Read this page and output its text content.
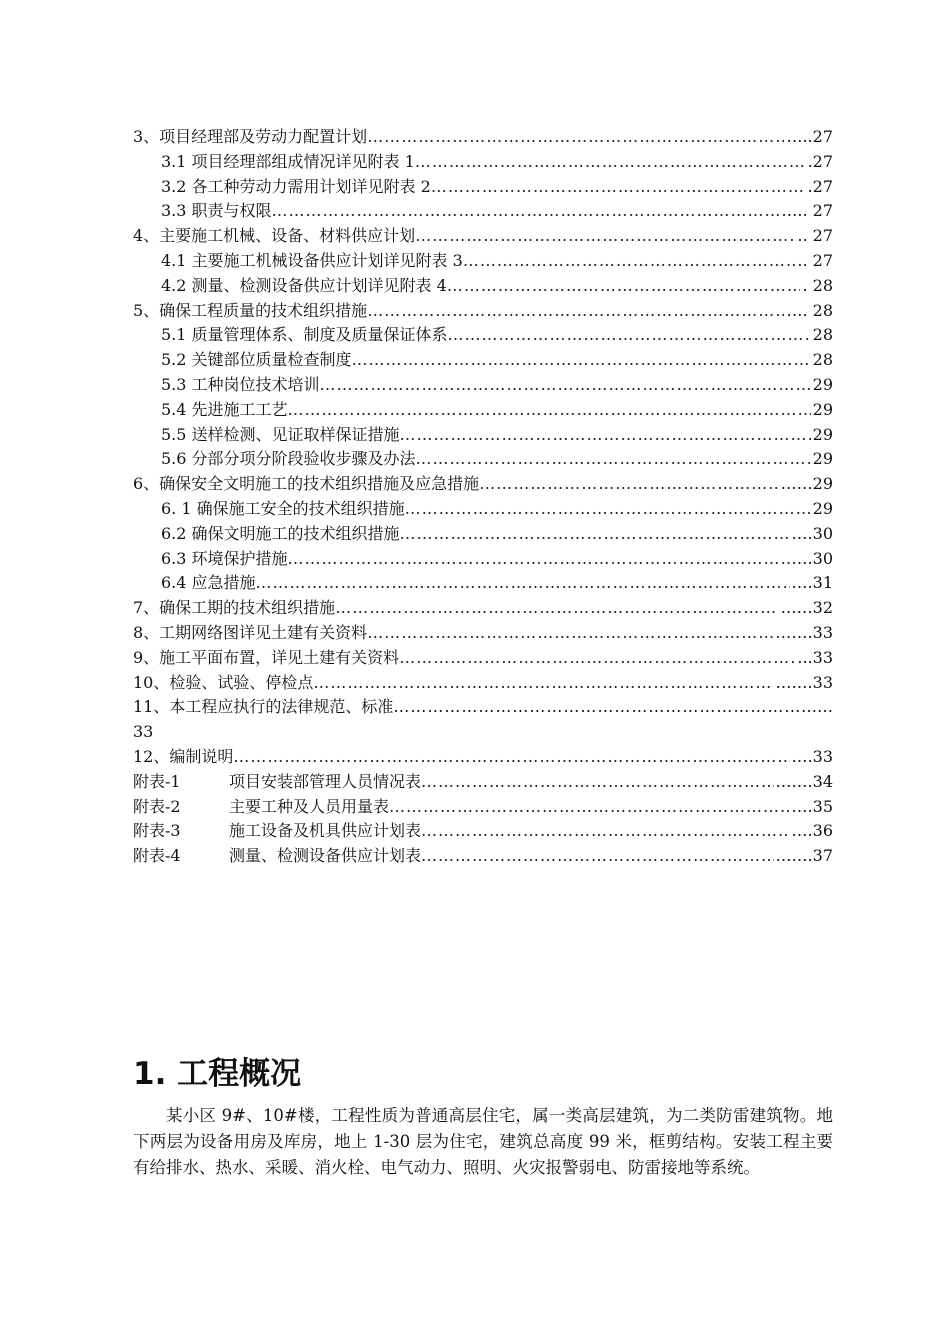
3、项目经理部及劳动力配置计划 ………………………………………………………………………………………………………………………………	…..27
3.1 项目经理部组成情况详见附表 1 ………………………………………………………………………………………………………………………………	.27
3.2 各工种劳动力需用计划详见附表 2 ………………………………………………………………………………………………………………………………	.27
3.3 职责与权限 ………………………………………………………………………………………………………………………………	….. 27
4、主要施工机械、设备、材料供应计划 ………………………………………………………………………………………………………………………………	.. 27
4.1 主要施工机械设备供应计划详见附表 3 ………………………………………………………………………………………………………………………………	.. 27
4.2 测量、检测设备供应计划详见附表 4 ………………………………………………………………………………………………………………………………	. 28
5、确保工程质量的技术组织措施 ………………………………………………………………………………………………………………………………	…. 28
5.1 质量管理体系、制度及质量保证体系 ………………………………………………………………………………………………………………………………	28
5.2 关键部位质量检查制度 ………………………………………………………………………………………………………………………………	28
5.3 工种岗位技术培训 ………………………………………………………………………………………………………………………………	29
5.4 先进施工工艺 ………………………………………………………………………………………………………………………………	29
5.5 送样检测、见证取样保证措施 ………………………………………………………………………………………………………………………………	29
5.6 分部分项分阶段验收步骤及办法 ………………………………………………………………………………………………………………………………	29
6、确保安全文明施工的技术组织措施及应急措施 ………………………………………………………………………………………………………………………………	……29
6. 1 确保施工安全的技术组织措施 ………………………………………………………………………………………………………………………………	29
6.2 确保文明施工的技术组织措施 ………………………………………………………………………………………………………………………………	….30
6.3 环境保护措施 ………………………………………………………………………………………………………………………………	….30
6.4 应急措施 ………………………………………………………………………………………………………………………………	….31
7、确保工期的技术组织措施 ………………………………………………………………………………………………………………………………	……32
8、工期网络图详见土建有关资料 ………………………………………………………………………………………………………………………………	….33
9、施工平面布置，详见土建有关资料 ………………………………………………………………………………………………………………………………	...33
10、检验、试验、停检点 ………………………………………………………………………………………………………………………………	…….33
11、本工程应执行的法律规范、标准 ………………………………………………………………………………………………………………………………	……
33
12、编制说明 ………………………………………………………………………………………………………………………………	….33
附表-1	项目安装部管理人员情况表 ………………………………………………………………………………………………………………………………	…….34
附表-2	主要工种及人员用量表 ………………………………………………………………………………………………………………………………	….35
附表-3	施工设备及机具供应计划表 ………………………………………………………………………………………………………………………………	….36
附表-4	测量、检测设备供应计划表 ………………………………………………………………………………………………………………………………	…….37
1. 工程概况

某小区 9#、10#楼，工程性质为普通高层住宅，属一类高层建筑，为二类防雷建筑物。地下两层为设备用房及库房，地上 1-30 层为住宅，建筑总高度 99 米，框剪结构。安装工程主要有给排水、热水、采暖、消火栓、电气动力、照明、火灾报警弱电、防雷接地等系统。
